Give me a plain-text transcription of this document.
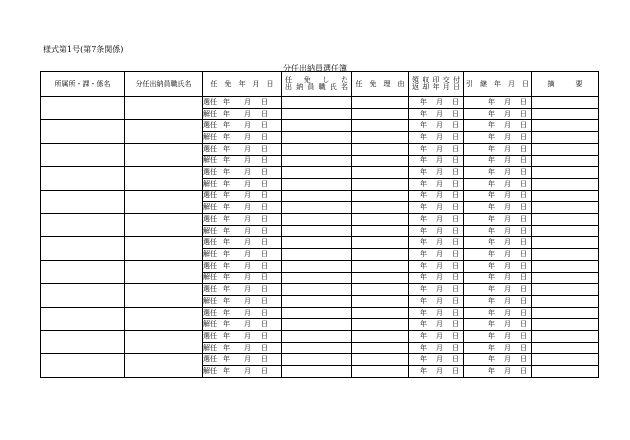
様式第1号(第7条関係)
分任出納員選任簿
所属所・課・係名	分任出納員職氏名	任　免　年　月　日	任　免　し　た
出納員職氏名	任　免　理　由	領収印交付
返却年月日	引　継　年　月　日	摘　　　要

		選任 年 月 日			年 月 日	年 月 日	

		解任 年 月 日			年 月 日	年 月 日	

		選任 年 月 日			年 月 日	年 月 日	

		解任 年 月 日			年 月 日	年 月 日	

		選任 年 月 日			年 月 日	年 月 日	

		解任 年 月 日			年 月 日	年 月 日	

		選任 年 月 日			年 月 日	年 月 日	

		解任 年 月 日			年 月 日	年 月 日	

		選任 年 月 日			年 月 日	年 月 日	

		解任 年 月 日			年 月 日	年 月 日	

		選任 年 月 日			年 月 日	年 月 日	

		解任 年 月 日			年 月 日	年 月 日	

		選任 年 月 日			年 月 日	年 月 日	

		解任 年 月 日			年 月 日	年 月 日	

		選任 年 月 日			年 月 日	年 月 日	

		解任 年 月 日			年 月 日	年 月 日	

		選任 年 月 日			年 月 日	年 月 日	

		解任 年 月 日			年 月 日	年 月 日	

		選任 年 月 日			年 月 日	年 月 日	

		解任 年 月 日			年 月 日	年 月 日	

		選任 年 月 日			年 月 日	年 月 日	

		解任 年 月 日			年 月 日	年 月 日	

		選任 年 月 日			年 月 日	年 月 日	

		解任 年 月 日			年 月 日	年 月 日	
